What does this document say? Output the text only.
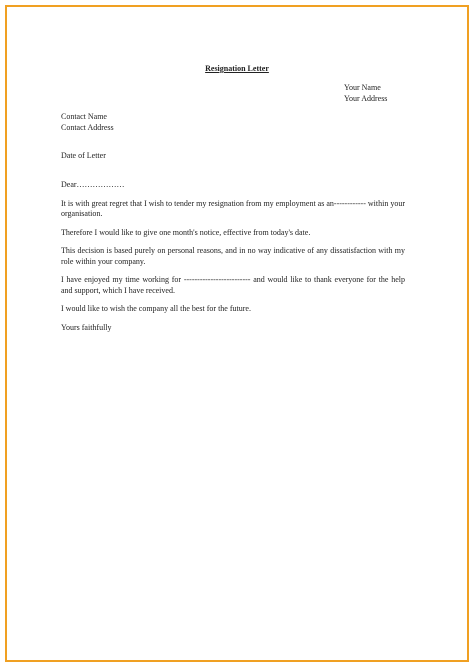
Resignation Letter
Your Name
Your Address
Contact Name
Contact Address
Date of Letter

Dear………………

It is with great regret that I wish to tender my resignation from my employment as an------------ within your organisation.

Therefore I would like to give one month's notice, effective from today's date.

This decision is based purely on personal reasons, and in no way indicative of any dissatisfaction with my role within your company.

I have enjoyed my time working for ------------------------- and would like to thank everyone for the help and support, which I have received.

I would like to wish the company all the best for the future.

Yours faithfully
